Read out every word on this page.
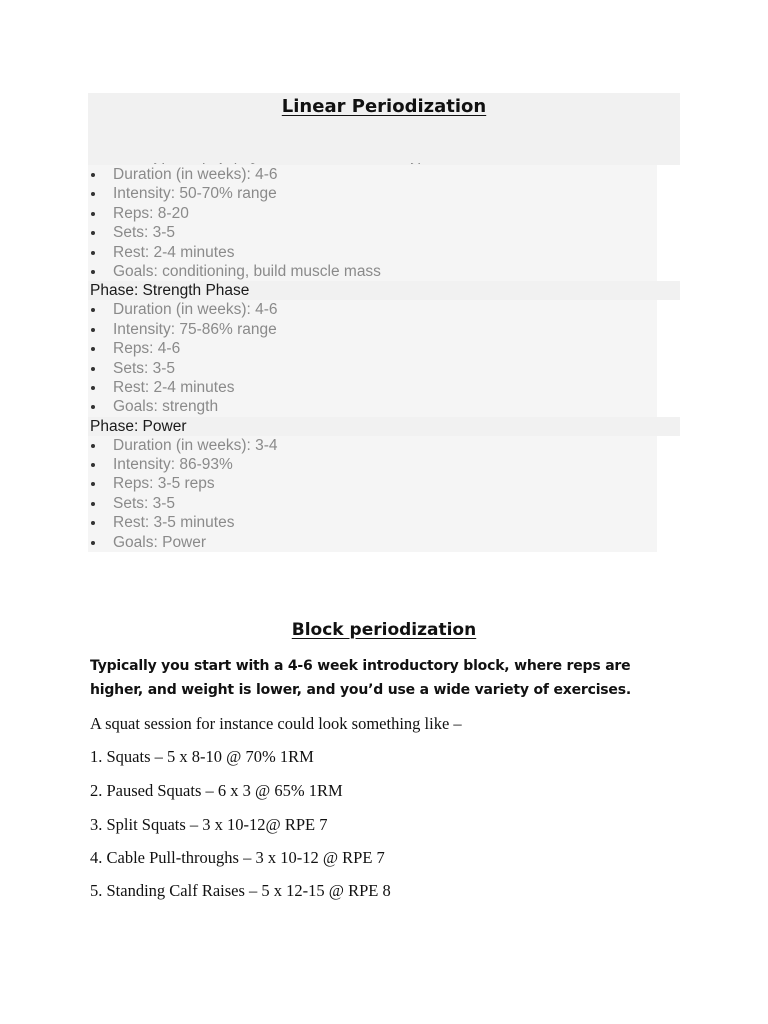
Linear Periodization
Duration (in weeks): 4-6
Intensity: 50-70% range
Reps: 8-20
Sets: 3-5
Rest: 2-4 minutes
Goals: conditioning, build muscle mass
Phase: Strength Phase
Duration (in weeks): 4-6
Intensity: 75-86% range
Reps: 4-6
Sets: 3-5
Rest: 2-4 minutes
Goals: strength
Phase: Power
Duration (in weeks): 3-4
Intensity: 86-93%
Reps: 3-5 reps
Sets: 3-5
Rest: 3-5 minutes
Goals: Power
Block periodization

Typically you start with a 4-6 week introductory block, where reps are higher, and weight is lower, and you’d use a wide variety of exercises.

A squat session for instance could look something like –

1. Squats – 5 x 8-10 @ 70% 1RM

2. Paused Squats – 6 x 3 @ 65% 1RM

3. Split Squats – 3 x 10-12@ RPE 7

4. Cable Pull-throughs – 3 x 10-12 @ RPE 7

5. Standing Calf Raises – 5 x 12-15 @ RPE 8
